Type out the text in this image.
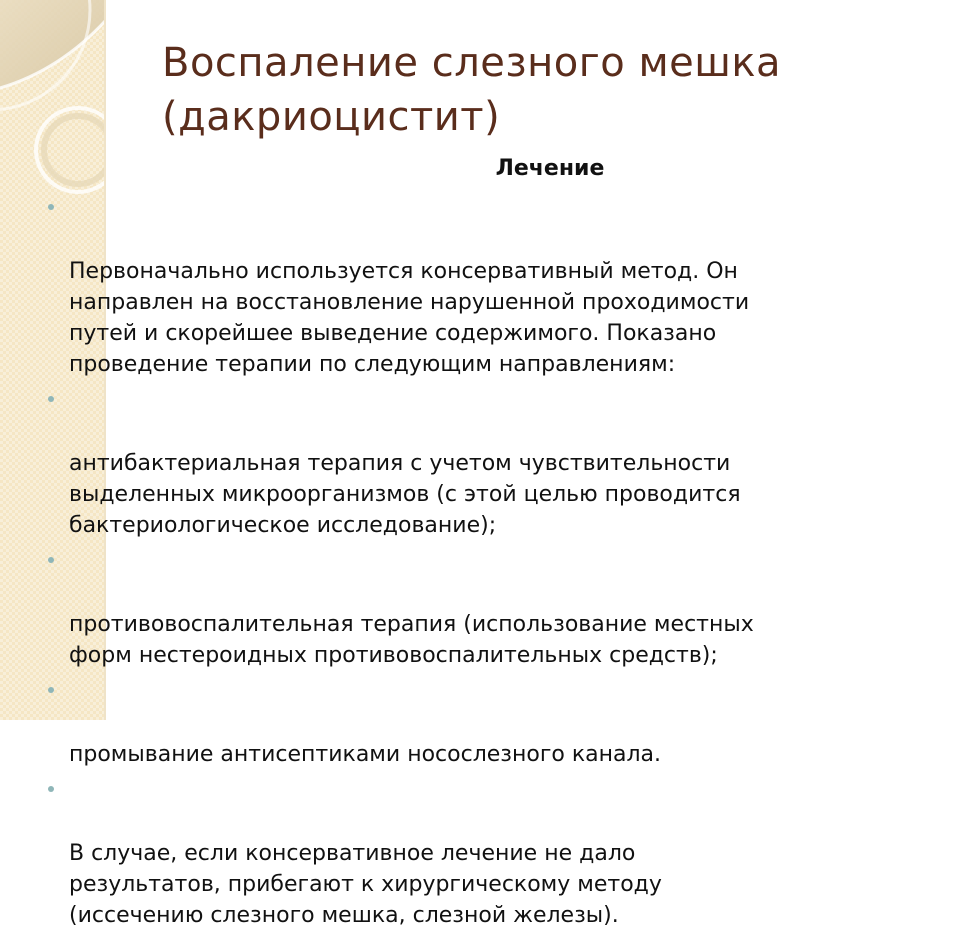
Воспаление слезного мешка
(дакриоцистит)
Лечение

Первоначально используется консервативный метод. Он
направлен на восстановление нарушенной проходимости
путей и скорейшее выведение содержимого. Показано
проведение терапии по следующим направлениям:

антибактериальная терапия с учетом чувствительности
выделенных микроорганизмов (с этой целью проводится
бактериологическое исследование);

противовоспалительная терапия (использование местных
форм нестероидных противовоспалительных средств);

промывание антисептиками носослезного канала.

В случае, если консервативное лечение не дало
результатов, прибегают к хирургическому методу
(иссечению слезного мешка, слезной железы).
